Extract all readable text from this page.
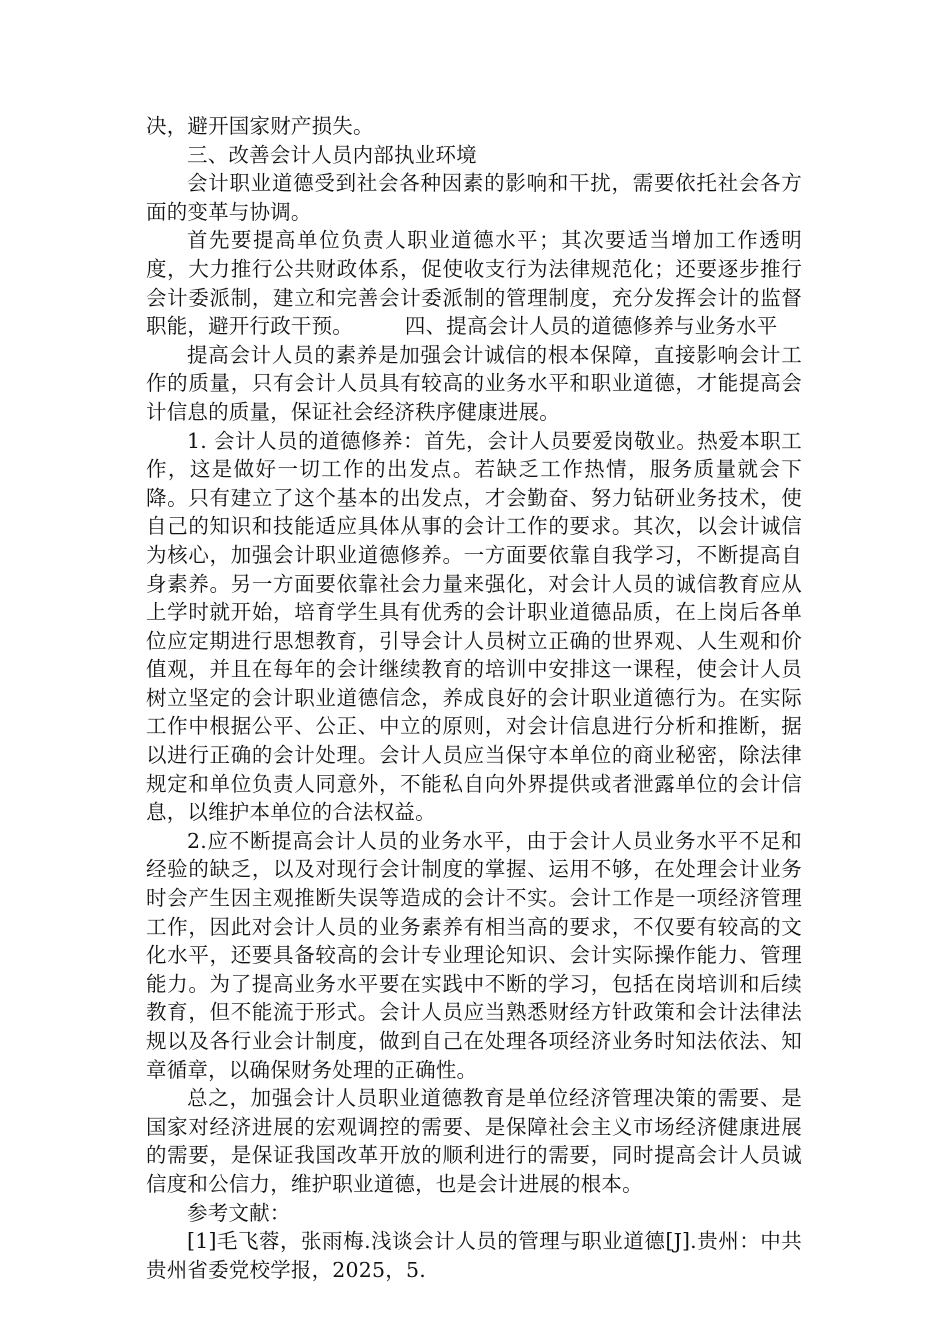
决，避开国家财产损失。

三、改善会计人员内部执业环境

会计职业道德受到社会各种因素的影响和干扰，需要依托社会各方面的变革与协调。

首先要提高单位负责人职业道德水平；其次要适当增加工作透明度，大力推行公共财政体系，促使收支行为法律规范化；还要逐步推行会计委派制，建立和完善会计委派制的管理制度，充分发挥会计的监督职能，避开行政干预。　　　四、提高会计人员的道德修养与业务水平

提高会计人员的素养是加强会计诚信的根本保障，直接影响会计工作的质量，只有会计人员具有较高的业务水平和职业道德，才能提高会计信息的质量，保证社会经济秩序健康进展。

1. 会计人员的道德修养：首先，会计人员要爱岗敬业。热爱本职工作，这是做好一切工作的出发点。若缺乏工作热情，服务质量就会下降。只有建立了这个基本的出发点，才会勤奋、努力钻研业务技术，使自己的知识和技能适应具体从事的会计工作的要求。其次，以会计诚信为核心，加强会计职业道德修养。一方面要依靠自我学习，不断提高自身素养。另一方面要依靠社会力量来强化，对会计人员的诚信教育应从上学时就开始，培育学生具有优秀的会计职业道德品质，在上岗后各单位应定期进行思想教育，引导会计人员树立正确的世界观、人生观和价值观，并且在每年的会计继续教育的培训中安排这一课程，使会计人员树立坚定的会计职业道德信念，养成良好的会计职业道德行为。在实际工作中根据公平、公正、中立的原则，对会计信息进行分析和推断，据以进行正确的会计处理。会计人员应当保守本单位的商业秘密，除法律规定和单位负责人同意外，不能私自向外界提供或者泄露单位的会计信息，以维护本单位的合法权益。

2.应不断提高会计人员的业务水平，由于会计人员业务水平不足和经验的缺乏，以及对现行会计制度的掌握、运用不够，在处理会计业务时会产生因主观推断失误等造成的会计不实。会计工作是一项经济管理工作，因此对会计人员的业务素养有相当高的要求，不仅要有较高的文化水平，还要具备较高的会计专业理论知识、会计实际操作能力、管理能力。为了提高业务水平要在实践中不断的学习，包括在岗培训和后续教育，但不能流于形式。会计人员应当熟悉财经方针政策和会计法律法规以及各行业会计制度，做到自己在处理各项经济业务时知法依法、知章循章，以确保财务处理的正确性。

总之，加强会计人员职业道德教育是单位经济管理决策的需要、是国家对经济进展的宏观调控的需要、是保障社会主义市场经济健康进展的需要，是保证我国改革开放的顺利进行的需要，同时提高会计人员诚信度和公信力，维护职业道德，也是会计进展的根本。

参考文献：

[1]毛飞蓉，张雨梅.浅谈会计人员的管理与职业道德[J].贵州：中共贵州省委党校学报，2025，5.
